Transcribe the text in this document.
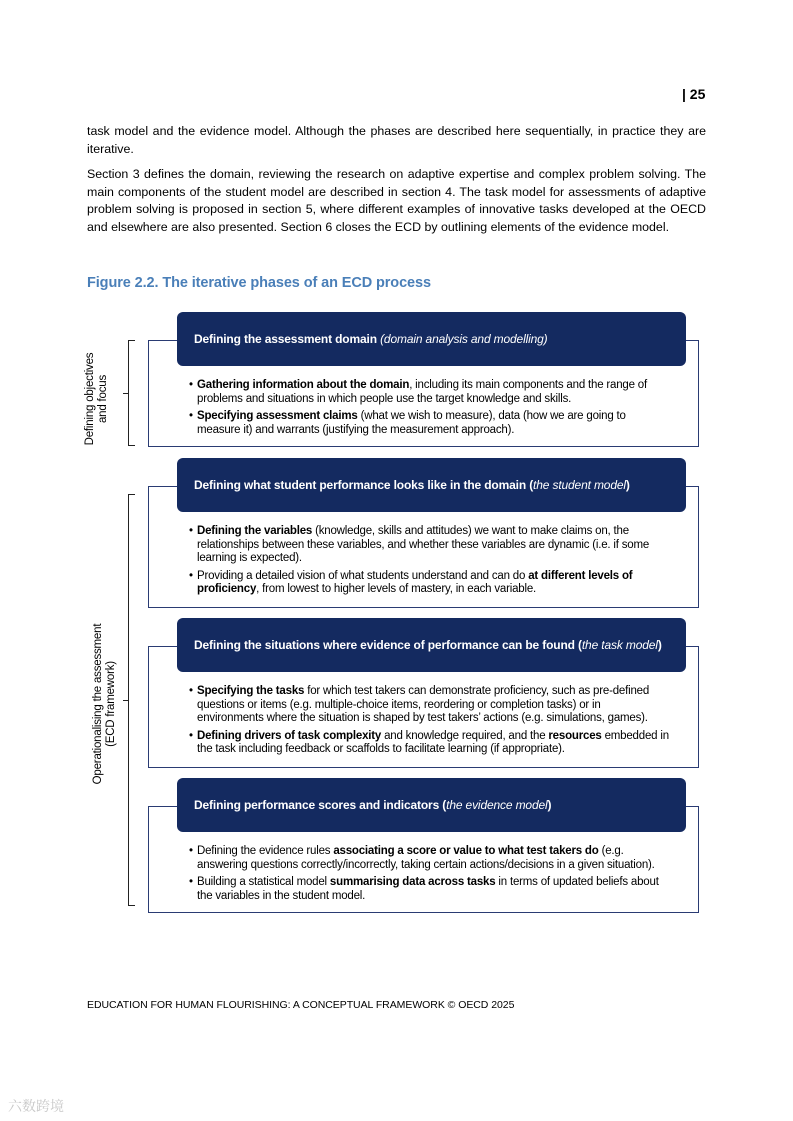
| 25

task model and the evidence model. Although the phases are described here sequentially, in practice they are iterative.

Section 3 defines the domain, reviewing the research on adaptive expertise and complex problem solving. The main components of the student model are described in section 4. The task model for assessments of adaptive problem solving is proposed in section 5, where different examples of innovative tasks developed at the OECD and elsewhere are also presented. Section 6 closes the ECD by outlining elements of the evidence model.

Figure 2.2. The iterative phases of an ECD process
Defining objectives and focus
Operationalising the assessment (ECD framework)
Defining the assessment domain (domain analysis and modelling)
• Gathering information about the domain, including its main components and the range of problems and situations in which people use the target knowledge and skills.
• Specifying assessment claims (what we wish to measure), data (how we are going to measure it) and warrants (justifying the measurement approach).
Defining what student performance looks like in the domain (the student model)
• Defining the variables (knowledge, skills and attitudes) we want to make claims on, the relationships between these variables, and whether these variables are dynamic (i.e. if some learning is expected).
• Providing a detailed vision of what students understand and can do at different levels of proficiency, from lowest to higher levels of mastery, in each variable.
Defining the situations where evidence of performance can be found (the task model)
• Specifying the tasks for which test takers can demonstrate proficiency, such as pre-defined questions or items (e.g. multiple-choice items, reordering or completion tasks) or in environments where the situation is shaped by test takers’ actions (e.g. simulations, games).
• Defining drivers of task complexity and knowledge required, and the resources embedded in the task including feedback or scaffolds to facilitate learning (if appropriate).
Defining performance scores and indicators (the evidence model)
• Defining the evidence rules associating a score or value to what test takers do (e.g. answering questions correctly/incorrectly, taking certain actions/decisions in a given situation).
• Building a statistical model summarising data across tasks in terms of updated beliefs about the variables in the student model.
EDUCATION FOR HUMAN FLOURISHING: A CONCEPTUAL FRAMEWORK © OECD 2025
六数跨境
